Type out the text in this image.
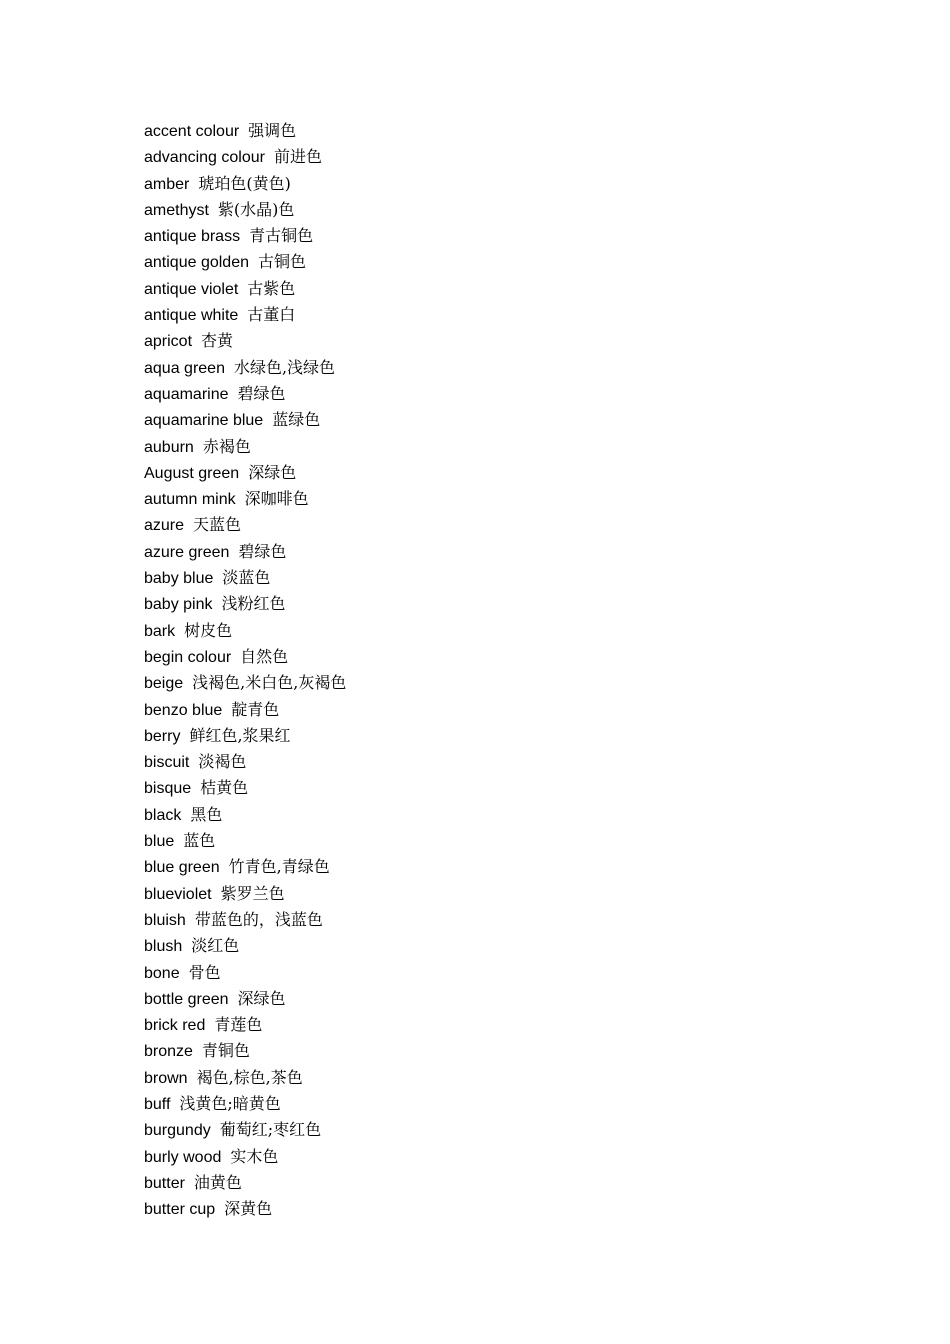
accent colour 强调色
advancing colour 前进色
amber 琥珀色(黄色)
amethyst 紫(水晶)色
antique brass 青古铜色
antique golden 古铜色
antique violet 古紫色
antique white 古董白
apricot 杏黄
aqua green 水绿色,浅绿色
aquamarine 碧绿色
aquamarine blue 蓝绿色
auburn 赤褐色
August green 深绿色
autumn mink 深咖啡色
azure 天蓝色
azure green 碧绿色
baby blue 淡蓝色
baby pink 浅粉红色
bark 树皮色
begin colour 自然色
beige 浅褐色,米白色,灰褐色
benzo blue 靛青色
berry 鲜红色,浆果红
biscuit 淡褐色
bisque 桔黄色
black 黑色
blue 蓝色
blue green 竹青色,青绿色
blueviolet 紫罗兰色
bluish 带蓝色的，浅蓝色
blush 淡红色
bone 骨色
bottle green 深绿色
brick red 青莲色
bronze 青铜色
brown 褐色,棕色,茶色
buff 浅黄色;暗黄色
burgundy 葡萄红;枣红色
burly wood 实木色
butter 油黄色
butter cup 深黄色
